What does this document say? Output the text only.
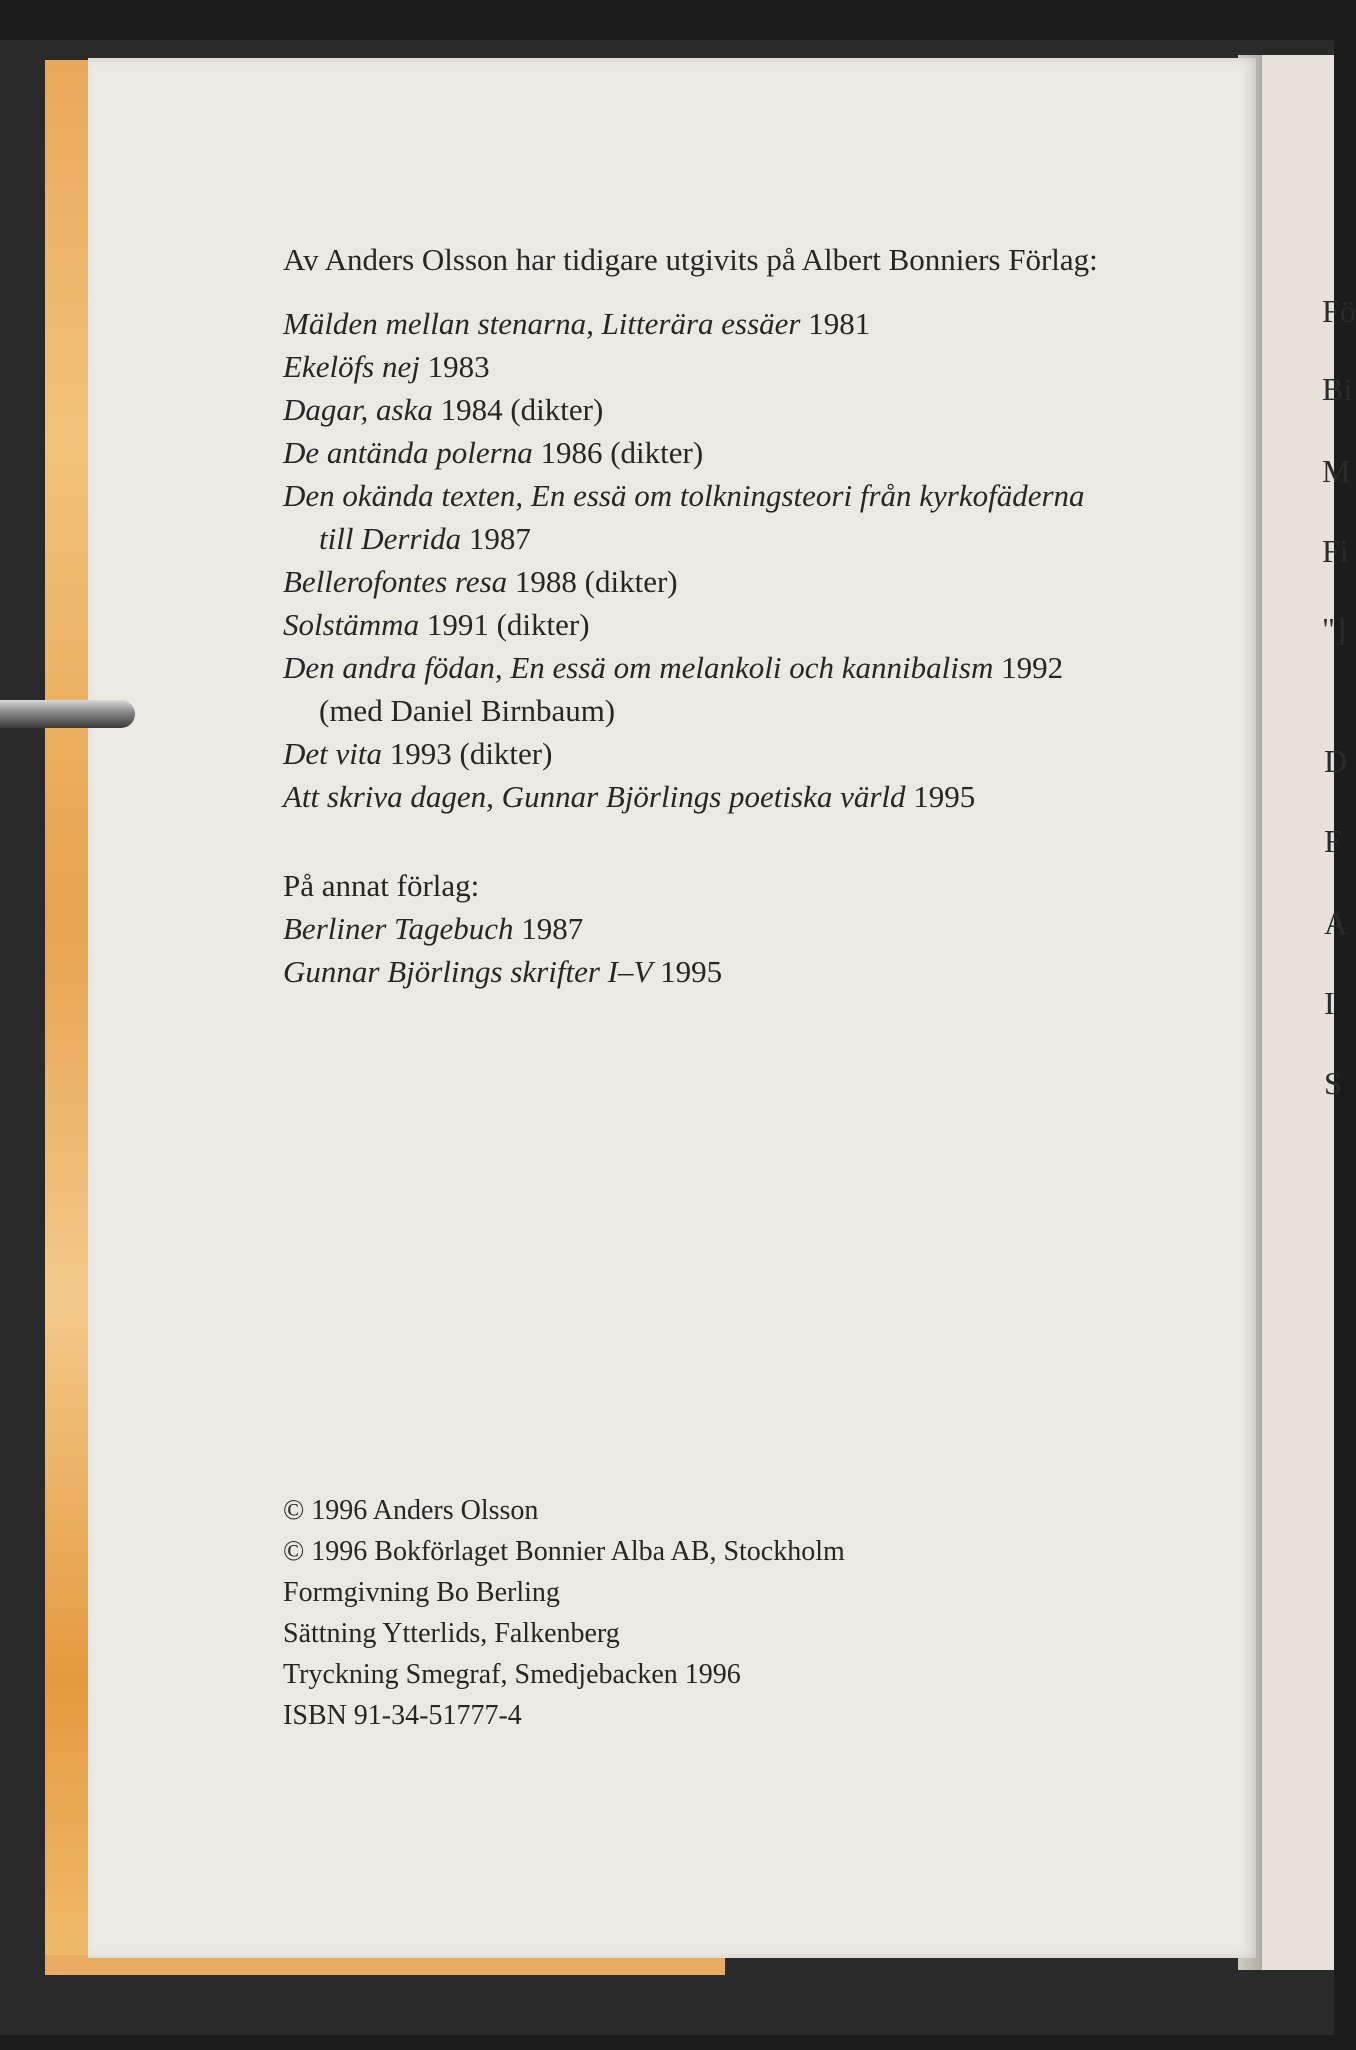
Fö
Bi
M
Fi
"]
D
F
A
I
S
Av Anders Olsson har tidigare utgivits på Albert Bonniers Förlag:
Mälden mellan stenarna, Litterära essäer 1981
Ekelöfs nej 1983
Dagar, aska 1984 (dikter)
De antända polerna 1986 (dikter)
Den okända texten, En essä om tolkningsteori från kyrkofäderna
till Derrida 1987
Bellerofontes resa 1988 (dikter)
Solstämma 1991 (dikter)
Den andra födan, En essä om melankoli och kannibalism 1992
(med Daniel Birnbaum)
Det vita 1993 (dikter)
Att skriva dagen, Gunnar Björlings poetiska värld 1995
På annat förlag:
Berliner Tagebuch 1987
Gunnar Björlings skrifter I–V 1995
© 1996 Anders Olsson
© 1996 Bokförlaget Bonnier Alba AB, Stockholm
Formgivning Bo Berling
Sättning Ytterlids, Falkenberg
Tryckning Smegraf, Smedjebacken 1996
ISBN 91-34-51777-4
